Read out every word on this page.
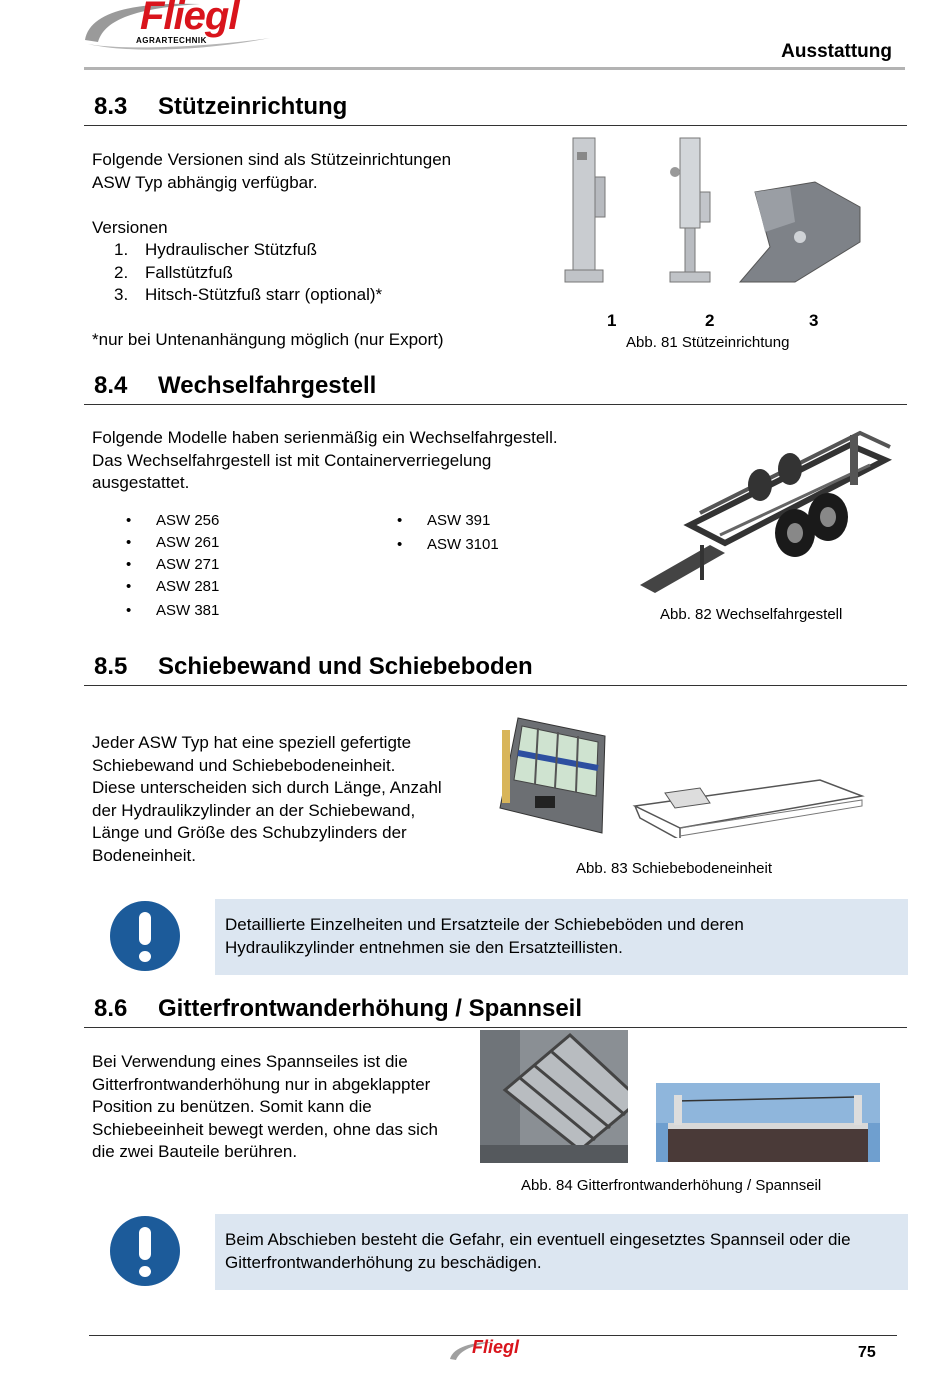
Fliegl
AGRARTECHNIK
Ausstattung
8.3 Stützeinrichtung
Folgende Versionen sind als Stützeinrichtungen
ASW Typ abhängig verfügbar.
Versionen
1. Hydraulischer Stützfuß
2. Fallstützfuß
3. Hitsch-Stützfuß starr (optional)*
*nur bei Untenanhängung möglich (nur Export)
1	2	3
Abb. 81 Stützeinrichtung
8.4 Wechselfahrgestell
Folgende Modelle haben serienmäßig ein Wechselfahrgestell.
Das Wechselfahrgestell ist mit Containerverriegelung
ausgestattet.
• ASW 256
• ASW 261
• ASW 271
• ASW 281
• ASW 381
• ASW 391
• ASW 3101
Abb. 82 Wechselfahrgestell
8.5 Schiebewand und Schiebeboden
Jeder ASW Typ hat eine speziell gefertigte
Schiebewand und Schiebebodeneinheit.
Diese unterscheiden sich durch Länge, Anzahl
der Hydraulikzylinder an der Schiebewand,
Länge und Größe des Schubzylinders der
Bodeneinheit.
Abb. 83 Schiebebodeneinheit
Detaillierte Einzelheiten und Ersatzteile der Schiebeböden und deren
Hydraulikzylinder entnehmen sie den Ersatzteillisten.
8.6 Gitterfrontwanderhöhung / Spannseil
Bei Verwendung eines Spannseiles ist die
Gitterfrontwanderhöhung nur in abgeklappter
Position zu benützen. Somit kann die
Schiebeeinheit bewegt werden, ohne das sich
die zwei Bauteile berühren.
Abb. 84 Gitterfrontwanderhöhung / Spannseil
Beim Abschieben besteht die Gefahr, ein eventuell eingesetztes Spannseil oder die
Gitterfrontwanderhöhung zu beschädigen.
Fliegl	75
